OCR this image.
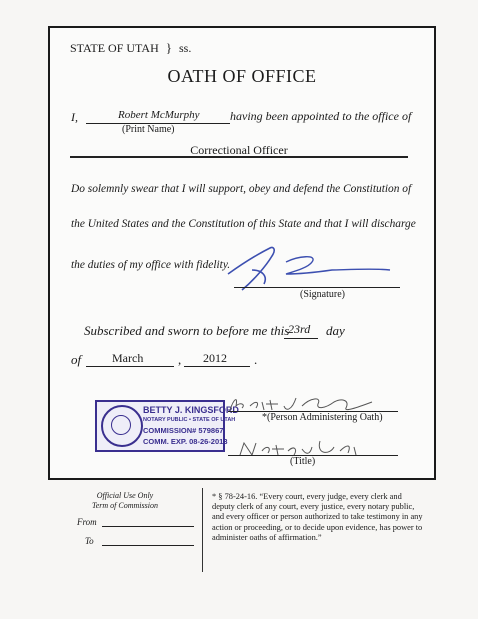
STATE OF UTAH } ss.
OATH OF OFFICE
I,	Robert McMurphy	having been appointed to the office of
(Print Name)
Correctional Officer
Do solemnly swear that I will support, obey and defend the Constitution of
the United States and the Constitution of this State and that I will discharge
the duties of my office with fidelity.
(Signature)
Subscribed and sworn to before me this
23rd day
of	March	, 2012 .
BETTY J. KINGSFORD
NOTARY PUBLIC • STATE OF UTAH
COMMISSION# 579867
COMM. EXP. 08-26-2013
*(Person Administering Oath)
(Title)
Official Use Only
Term of Commission
From
To
* § 78-24-16. “Every court, every judge, every clerk and deputy clerk of any court, every justice, every notary public, and every officer or person authorized to take testimony in any action or proceeding, or to decide upon evidence, has power to administer oaths of affirmation.”
